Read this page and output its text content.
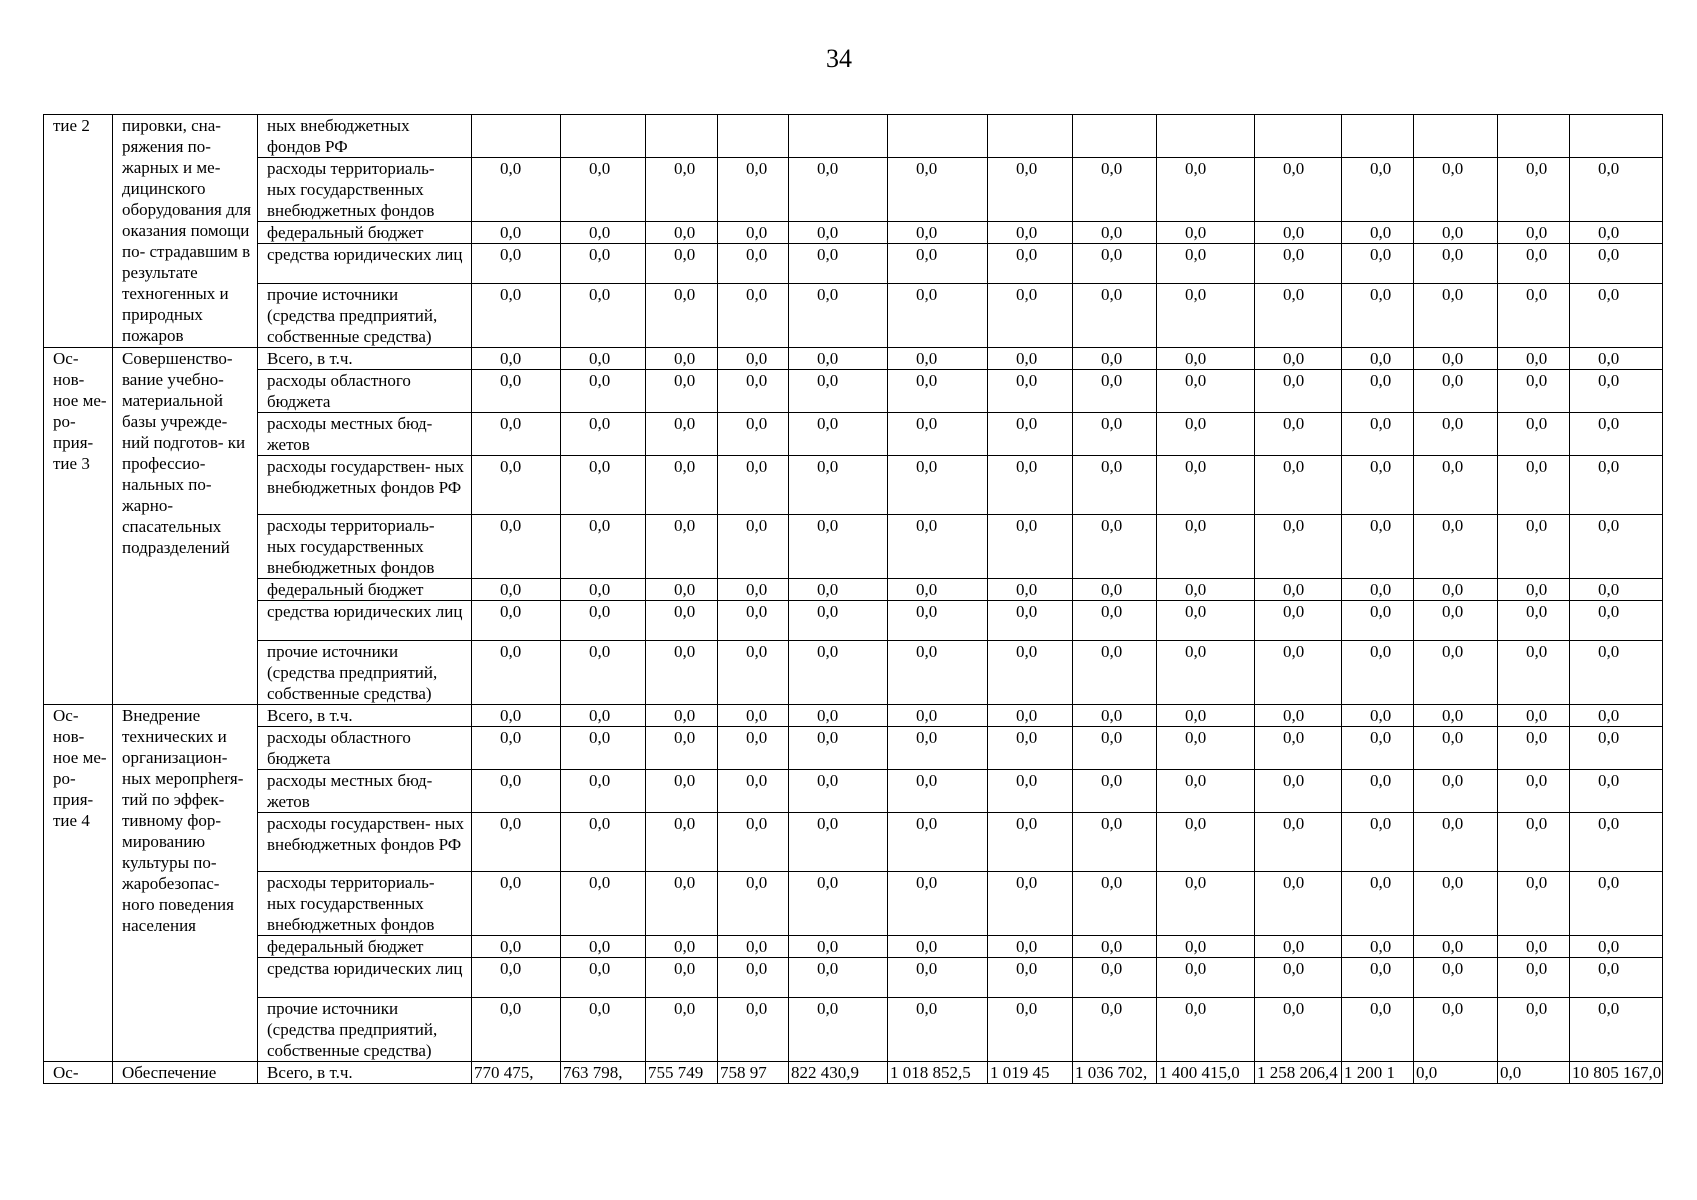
34
тие 2	пировки, сна- ряжения по- жарных и ме- дицинского оборудования для оказания помощи по- страдавшим в результате техногенных и природных пожаров	ных внебюджетных фондов РФ														
		расходы территориаль- ных государственных внебюджетных фондов	0,0	0,0	0,0	0,0	0,0	0,0	0,0	0,0	0,0	0,0	0,0	0,0	0,0	0,0
		федеральный бюджет	0,0	0,0	0,0	0,0	0,0	0,0	0,0	0,0	0,0	0,0	0,0	0,0	0,0	0,0
		средства юридических лиц	0,0	0,0	0,0	0,0	0,0	0,0	0,0	0,0	0,0	0,0	0,0	0,0	0,0	0,0
		прочие источники (средства предприятий, собственные средства)	0,0	0,0	0,0	0,0	0,0	0,0	0,0	0,0	0,0	0,0	0,0	0,0	0,0	0,0
Ос- нов- ное ме- ро- прия- тие 3	Совершенство- вание учебно- материальной базы учрежде- ний подготов- ки профессио- нальных по- жарно- спасательных подразделений	Всего, в т.ч.	0,0	0,0	0,0	0,0	0,0	0,0	0,0	0,0	0,0	0,0	0,0	0,0	0,0	0,0
		расходы областного бюджета	0,0	0,0	0,0	0,0	0,0	0,0	0,0	0,0	0,0	0,0	0,0	0,0	0,0	0,0
		расходы местных бюд- жетов	0,0	0,0	0,0	0,0	0,0	0,0	0,0	0,0	0,0	0,0	0,0	0,0	0,0	0,0
		расходы государствен- ных внебюджетных фондов РФ	0,0	0,0	0,0	0,0	0,0	0,0	0,0	0,0	0,0	0,0	0,0	0,0	0,0	0,0
		расходы территориаль- ных государственных внебюджетных фондов	0,0	0,0	0,0	0,0	0,0	0,0	0,0	0,0	0,0	0,0	0,0	0,0	0,0	0,0
		федеральный бюджет	0,0	0,0	0,0	0,0	0,0	0,0	0,0	0,0	0,0	0,0	0,0	0,0	0,0	0,0
		средства юридических лиц	0,0	0,0	0,0	0,0	0,0	0,0	0,0	0,0	0,0	0,0	0,0	0,0	0,0	0,0
		прочие источники (средства предприятий, собственные средства)	0,0	0,0	0,0	0,0	0,0	0,0	0,0	0,0	0,0	0,0	0,0	0,0	0,0	0,0
Ос- нов- ное ме- ро- прия- тие 4	Внедрение технических и организацион- ных меропрherя- тий по эффек- тивному фор- мированию культуры по- жаробезопас- ного поведения населения	Всего, в т.ч.	0,0	0,0	0,0	0,0	0,0	0,0	0,0	0,0	0,0	0,0	0,0	0,0	0,0	0,0
		расходы областного бюджета	0,0	0,0	0,0	0,0	0,0	0,0	0,0	0,0	0,0	0,0	0,0	0,0	0,0	0,0
		расходы местных бюд- жетов	0,0	0,0	0,0	0,0	0,0	0,0	0,0	0,0	0,0	0,0	0,0	0,0	0,0	0,0
		расходы государствен- ных внебюджетных фондов РФ	0,0	0,0	0,0	0,0	0,0	0,0	0,0	0,0	0,0	0,0	0,0	0,0	0,0	0,0
		расходы территориаль- ных государственных внебюджетных фондов	0,0	0,0	0,0	0,0	0,0	0,0	0,0	0,0	0,0	0,0	0,0	0,0	0,0	0,0
		федеральный бюджет	0,0	0,0	0,0	0,0	0,0	0,0	0,0	0,0	0,0	0,0	0,0	0,0	0,0	0,0
		средства юридических лиц	0,0	0,0	0,0	0,0	0,0	0,0	0,0	0,0	0,0	0,0	0,0	0,0	0,0	0,0
		прочие источники (средства предприятий, собственные средства)	0,0	0,0	0,0	0,0	0,0	0,0	0,0	0,0	0,0	0,0	0,0	0,0	0,0	0,0
Ос-	Обеспечение	Всего, в т.ч.	770 475,	763 798,	755 749	758 97	822 430,9	1 018 852,5	1 019 45	1 036 702,	1 400 415,0	1 258 206,4	1 200 1	0,0	0,0	10 805 167,0
